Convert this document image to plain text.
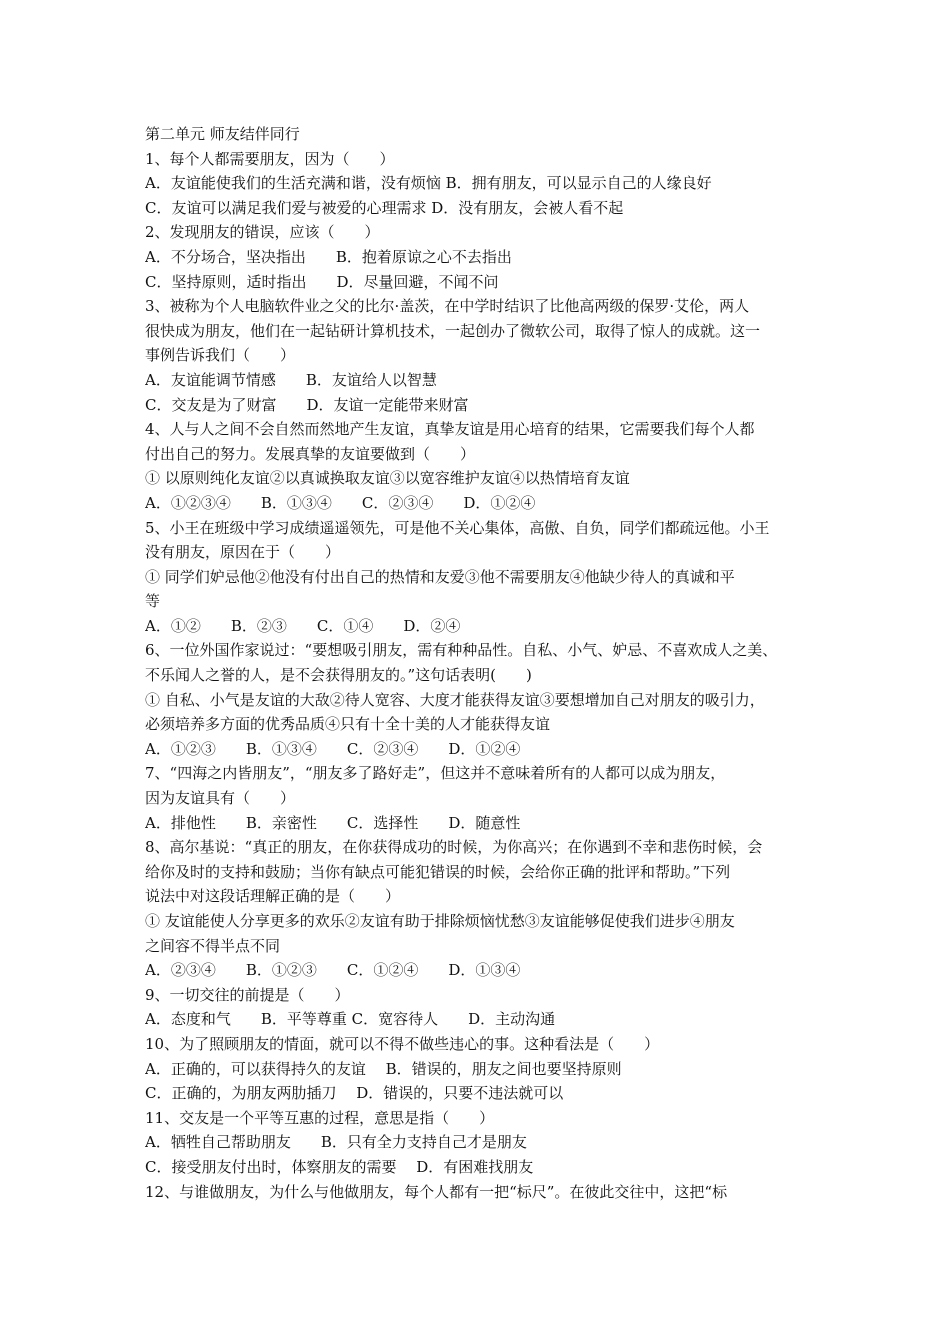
第二单元 师友结伴同行
1、每个人都需要朋友，因为（　　）
A．友谊能使我们的生活充满和谐，没有烦恼 B．拥有朋友，可以显示自己的人缘良好
C．友谊可以满足我们爱与被爱的心理需求 D．没有朋友，会被人看不起
2、发现朋友的错误，应该（　　）
A．不分场合，坚决指出　　B．抱着原谅之心不去指出
C．坚持原则，适时指出　　D．尽量回避，不闻不问
3、被称为个人电脑软件业之父的比尔·盖茨，在中学时结识了比他高两级的保罗·艾伦，两人
很快成为朋友，他们在一起钻研计算机技术，一起创办了微软公司，取得了惊人的成就。这一
事例告诉我们（　　）
A．友谊能调节情感　　B．友谊给人以智慧
C．交友是为了财富　　D．友谊一定能带来财富
4、人与人之间不会自然而然地产生友谊，真挚友谊是用心培育的结果，它需要我们每个人都
付出自己的努力。发展真挚的友谊要做到（　　）
① 以原则纯化友谊②以真诚换取友谊③以宽容维护友谊④以热情培育友谊
A．①②③④　　B．①③④　　C．②③④　　D．①②④
5、小王在班级中学习成绩遥遥领先，可是他不关心集体，高傲、自负，同学们都疏远他。小王
没有朋友，原因在于（　　）
① 同学们妒忌他②他没有付出自己的热情和友爱③他不需要朋友④他缺少待人的真诚和平
等
A．①②　　B．②③　　C．①④　　D．②④
6、一位外国作家说过：“要想吸引朋友，需有种种品性。自私、小气、妒忌、不喜欢成人之美、
不乐闻人之誉的人，是不会获得朋友的。”这句话表明(　　)
① 自私、小气是友谊的大敌②待人宽容、大度才能获得友谊③要想增加自己对朋友的吸引力，
必须培养多方面的优秀品质④只有十全十美的人才能获得友谊
A．①②③　　B．①③④　　C．②③④　　D．①②④
7、“四海之内皆朋友”，“朋友多了路好走”，但这并不意味着所有的人都可以成为朋友，
因为友谊具有（　　）
A．排他性　　B．亲密性　　C．选择性　　D．随意性
8、高尔基说：“真正的朋友，在你获得成功的时候，为你高兴；在你遇到不幸和悲伤时候，会
给你及时的支持和鼓励；当你有缺点可能犯错误的时候，会给你正确的批评和帮助。”下列
说法中对这段话理解正确的是（　　）
① 友谊能使人分享更多的欢乐②友谊有助于排除烦恼忧愁③友谊能够促使我们进步④朋友
之间容不得半点不同
A．②③④　　B．①②③　　C．①②④　　D．①③④
9、一切交往的前提是（　　）
A．态度和气　　B．平等尊重 C．宽容待人　　D．主动沟通
10、为了照顾朋友的情面，就可以不得不做些违心的事。这种看法是（　　）
A．正确的，可以获得持久的友谊　 B．错误的，朋友之间也要坚持原则
C．正确的，为朋友两肋插刀　 D．错误的，只要不违法就可以
11、交友是一个平等互惠的过程，意思是指（　　）
A．牺牲自己帮助朋友　　B．只有全力支持自己才是朋友
C．接受朋友付出时，体察朋友的需要　 D．有困难找朋友
12、与谁做朋友，为什么与他做朋友，每个人都有一把“标尺”。在彼此交往中，这把“标
